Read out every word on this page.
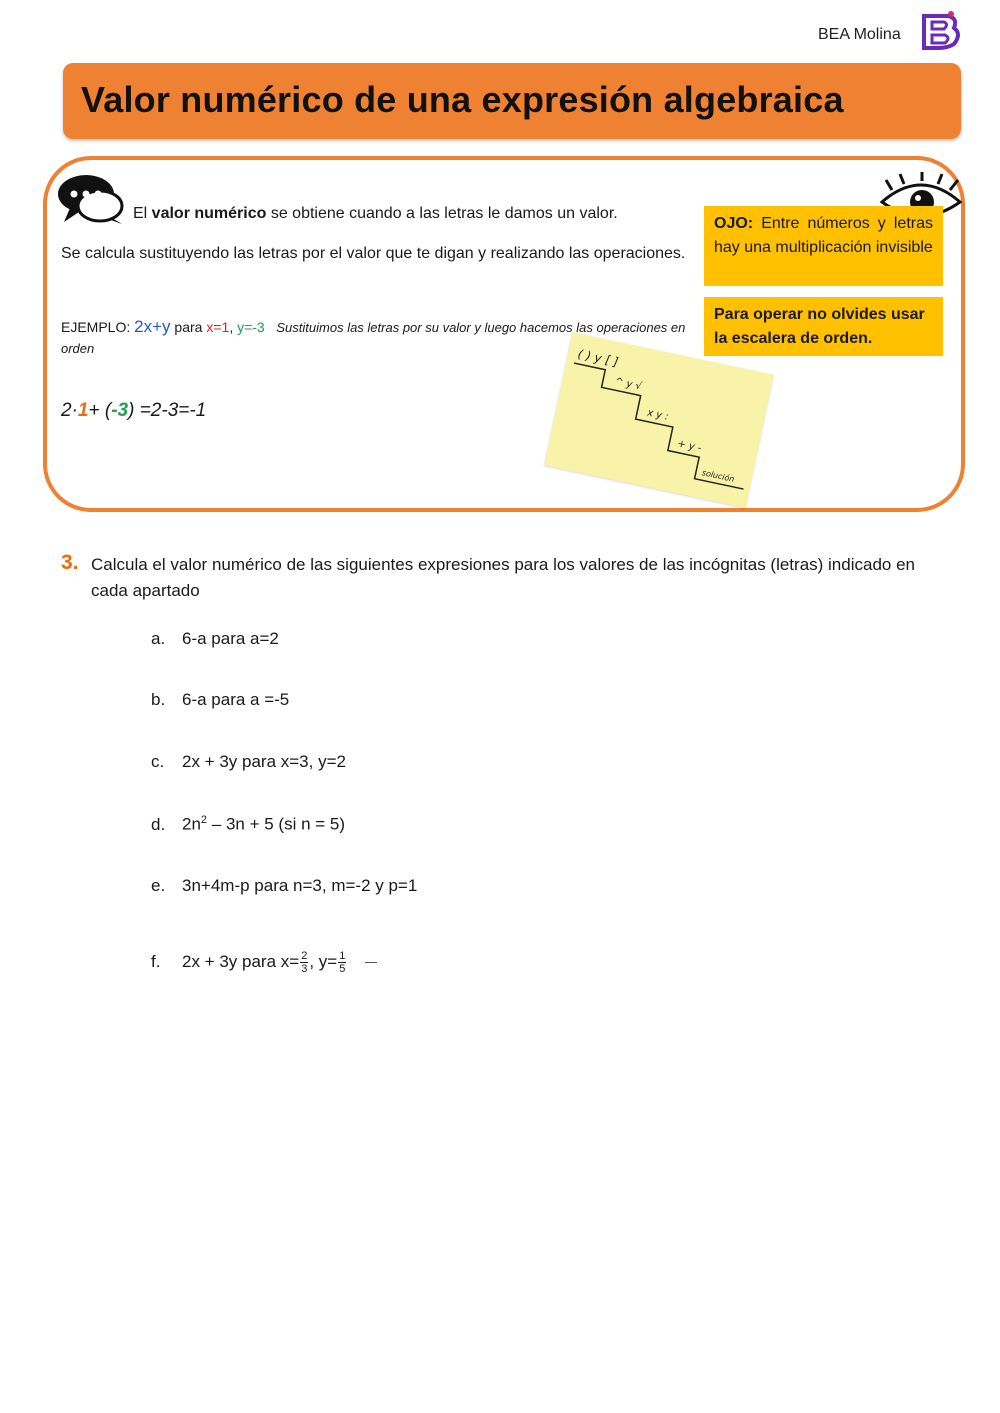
BEA Molina
Valor numérico de una expresión algebraica
El valor numérico se obtiene cuando a las letras le damos un valor.
Se calcula sustituyendo las letras por el valor que te digan y realizando las operaciones.
EJEMPLO: 2x+y para x=1, y=-3 Sustituimos las letras por su valor y luego hacemos las operaciones en orden
2·1+ (-3) =2-3=-1
OJO: Entre números y letras hay una multiplicación invisible
Para operar no olvides usar la escalera de orden.
( ) y [ ]
^ y √
x y :
+ y -
solución
3. Calcula el valor numérico de las siguientes expresiones para los valores de las incógnitas (letras) indicado en cada apartado
a. 6-a para a=2
b. 6-a para a =-5
c. 2x + 3y para x=3, y=2
d. $2n^2 - 3n + 5$ (si n = 5)
e. 3n+4m-p para n=3, m=-2 y p=1
f. 2x + 3y para $x= \frac{2}{3}$ , $y= \frac{1}{5}$
